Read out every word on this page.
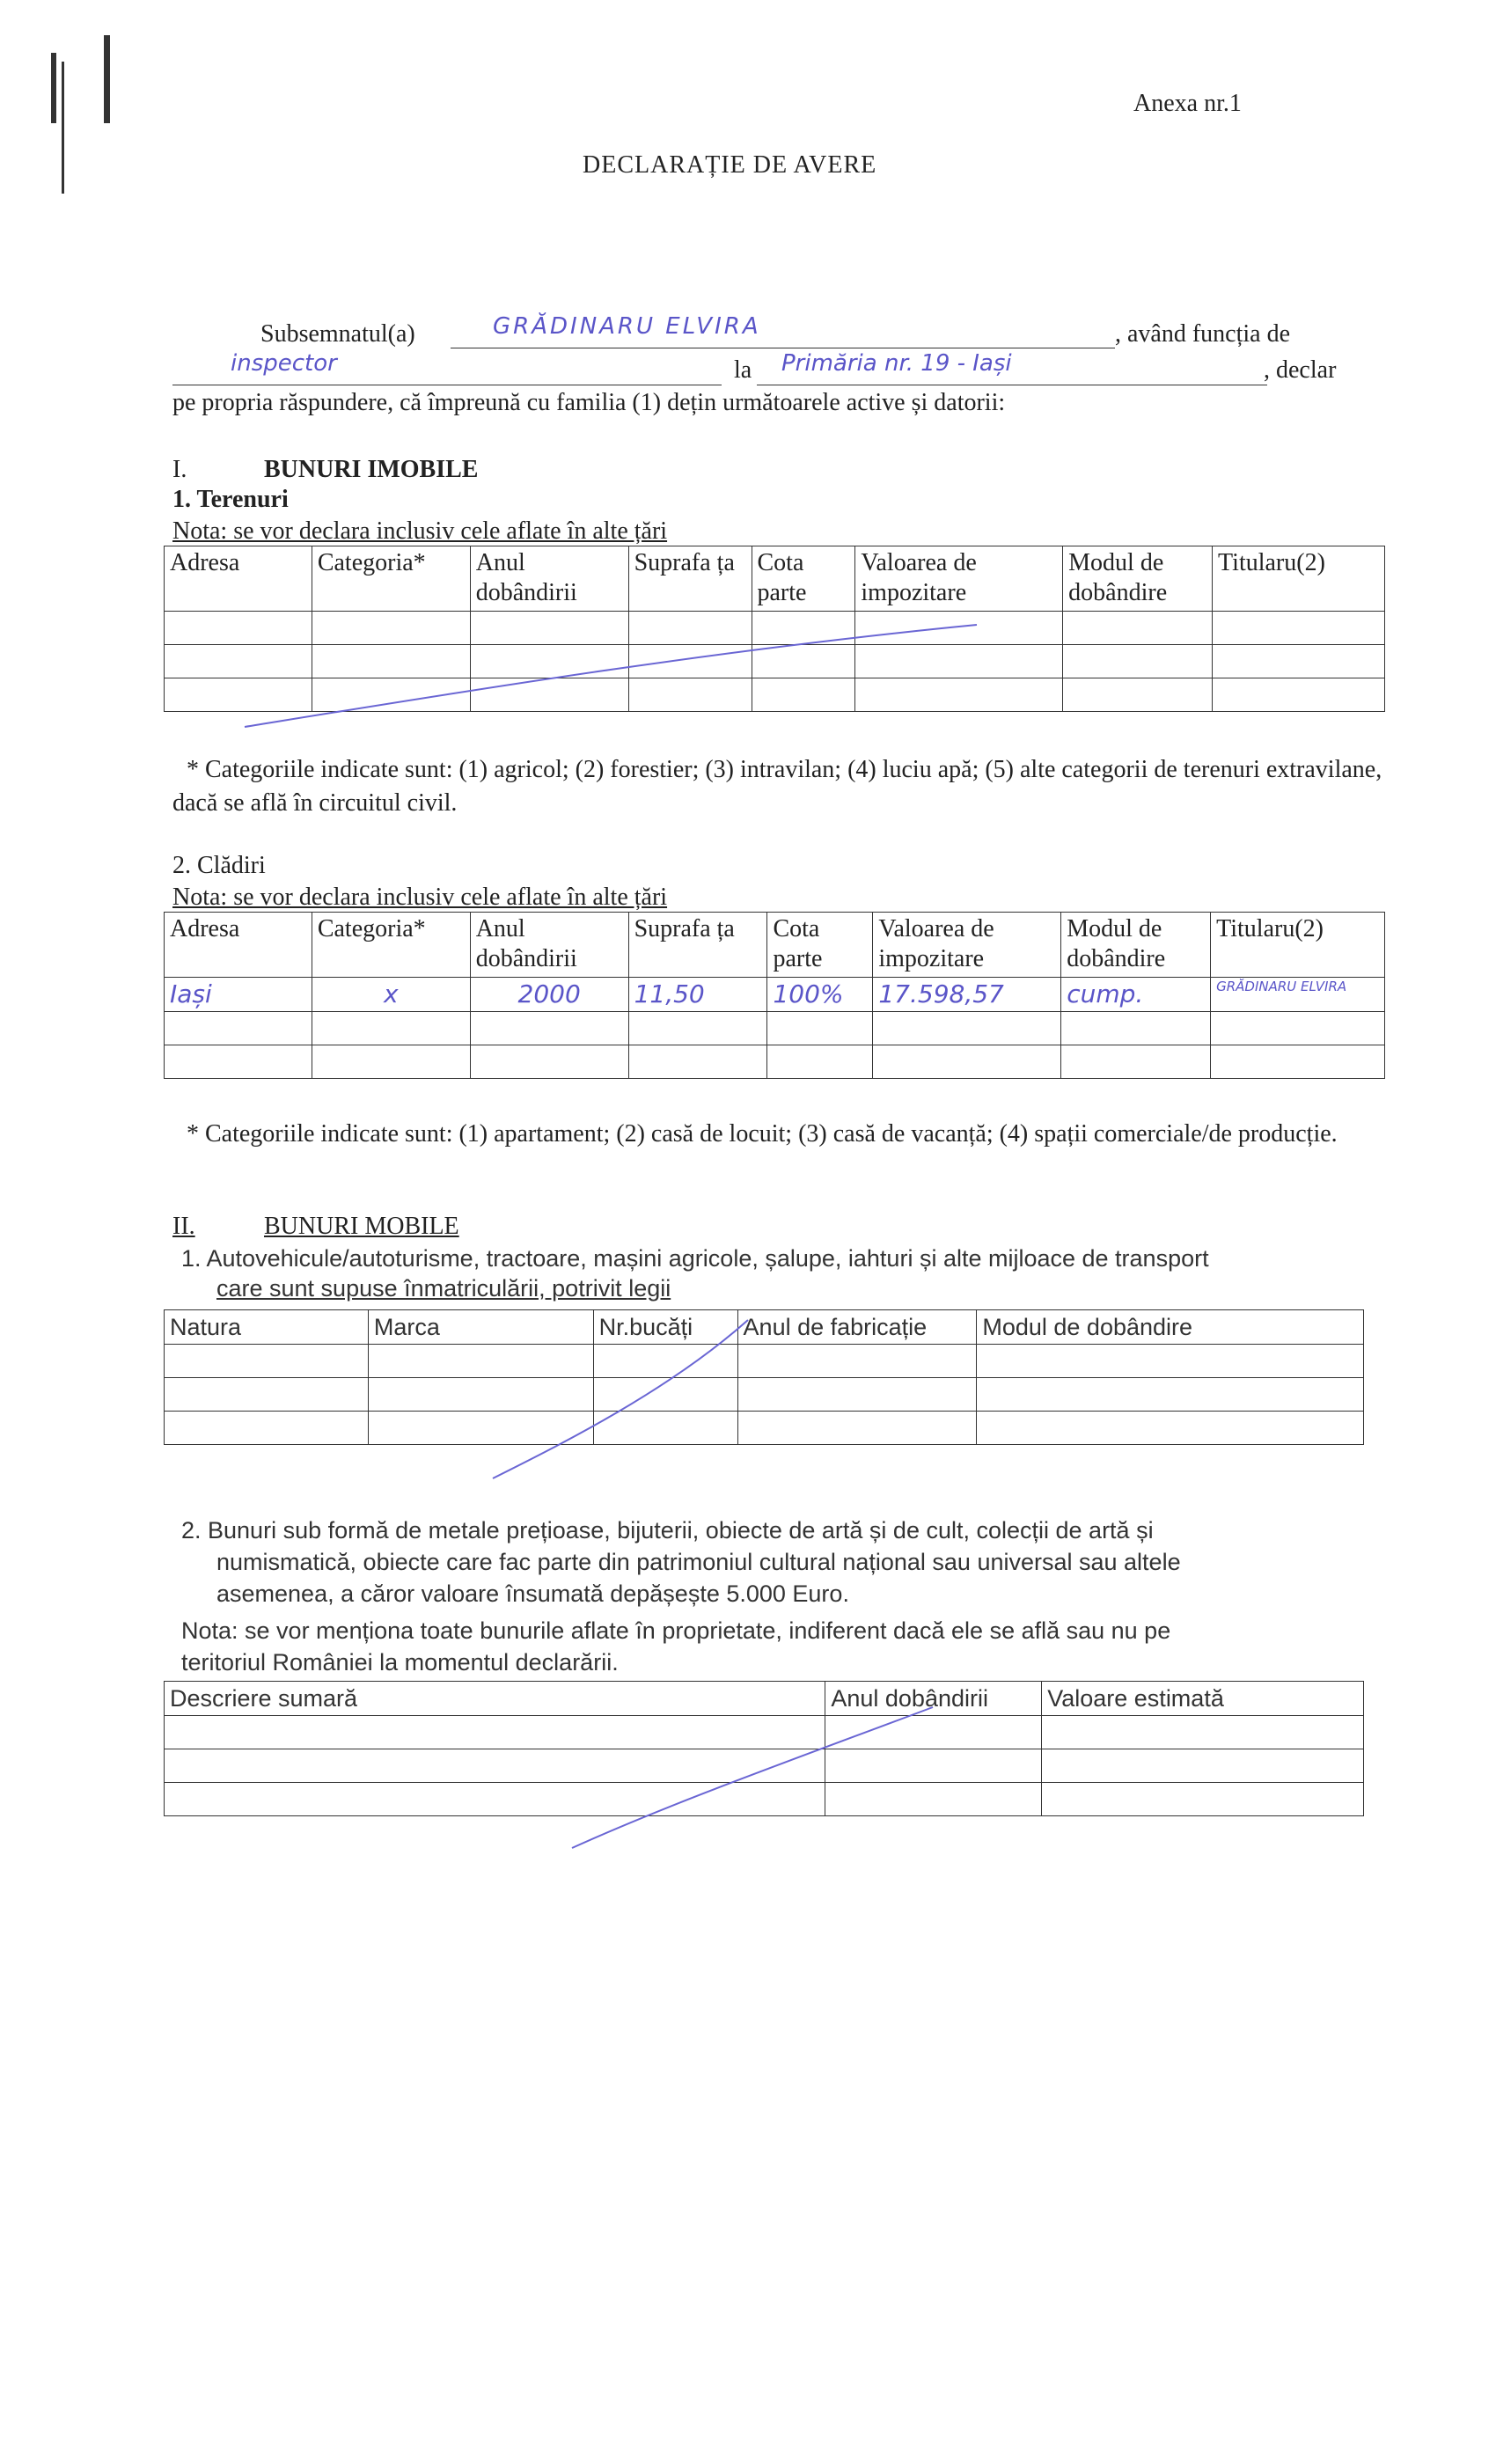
Anexa nr.1
DECLARAȚIE DE AVERE
Subsemnatul(a)	GRĂDINARU ELVIRA	, având funcția de
inspector	la Primăria nr. 19 - Iași	, declar
pe propria răspundere, că împreună cu familia (1) dețin următoarele active și datorii:
I.	BUNURI IMOBILE
1. Terenuri
Nota: se vor declara inclusiv cele aflate în alte țări
Adresa	Categoria*	Anul dobândirii	Suprafa ța	Cota parte	Valoarea de impozitare	Modul de dobândire	Titularu(2)

* Categoriile indicate sunt: (1) agricol; (2) forestier; (3) intravilan; (4) luciu apă; (5) alte categorii de terenuri extravilane, dacă se află în circuitul civil.
2. Clădiri
Nota: se vor declara inclusiv cele aflate în alte țări
Adresa	Categoria*	Anul dobândirii	Suprafa ța	Cota parte	Valoarea de impozitare	Modul de dobândire	Titularu(2)
Iași	x	2000	11,50	100%	17.598,57	cump.	GRĂDINARU ELVIRA

* Categoriile indicate sunt: (1) apartament; (2) casă de locuit; (3) casă de vacanță; (4) spații comerciale/de producție.
II.	BUNURI MOBILE
1. Autovehicule/autoturisme, tractoare, mașini agricole, șalupe, iahturi și alte mijloace de transport
care sunt supuse înmatriculării, potrivit legii
Natura	Marca	Nr.bucăți	Anul de fabricație	Modul de dobândire

2. Bunuri sub formă de metale prețioase, bijuterii, obiecte de artă și de cult, colecții de artă și
numismatică, obiecte care fac parte din patrimoniul cultural național sau universal sau altele
asemenea, a căror valoare însumată depășește 5.000 Euro.
Nota: se vor menționa toate bunurile aflate în proprietate, indiferent dacă ele se află sau nu pe
teritoriul României la momentul declarării.
Descriere sumară	Anul dobândirii	Valoare estimată
